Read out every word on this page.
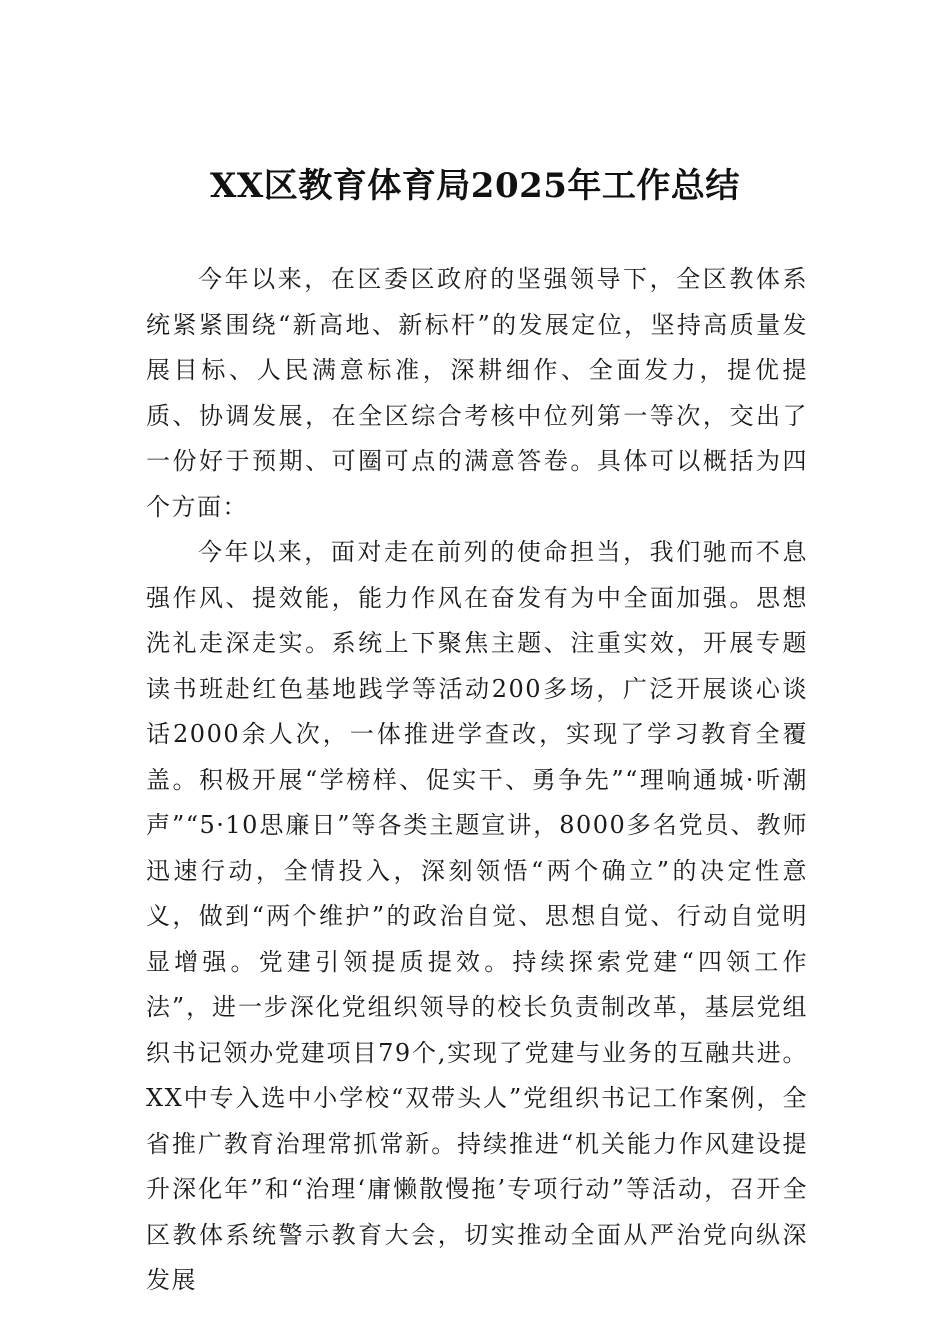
XX区教育体育局2025年工作总结

今年以来，在区委区政府的坚强领导下，全区教体系统紧紧围绕“新高地、新标杆”的发展定位，坚持高质量发展目标、人民满意标准，深耕细作、全面发力，提优提质、协调发展，在全区综合考核中位列第一等次，交出了一份好于预期、可圈可点的满意答卷。具体可以概括为四个方面：

今年以来，面对走在前列的使命担当，我们驰而不息强作风、提效能，能力作风在奋发有为中全面加强。思想洗礼走深走实。系统上下聚焦主题、注重实效，开展专题读书班赴红色基地践学等活动200多场，广泛开展谈心谈话2000余人次，一体推进学查改，实现了学习教育全覆盖。积极开展“学榜样、促实干、勇争先”“理响通城·听潮声”“5·10思廉日”等各类主题宣讲，8000多名党员、教师迅速行动，全情投入，深刻领悟“两个确立”的决定性意义，做到“两个维护”的政治自觉、思想自觉、行动自觉明显增强。党建引领提质提效。持续探索党建“四领工作法”，进一步深化党组织领导的校长负责制改革，基层党组织书记领办党建项目79个,实现了党建与业务的互融共进。XX中专入选中小学校“双带头人”党组织书记工作案例，全省推广教育治理常抓常新。持续推进“机关能力作风建设提升深化年”和“治理‘庸懒散慢拖’专项行动”等活动，召开全区教体系统警示教育大会，切实推动全面从严治党向纵深发展
